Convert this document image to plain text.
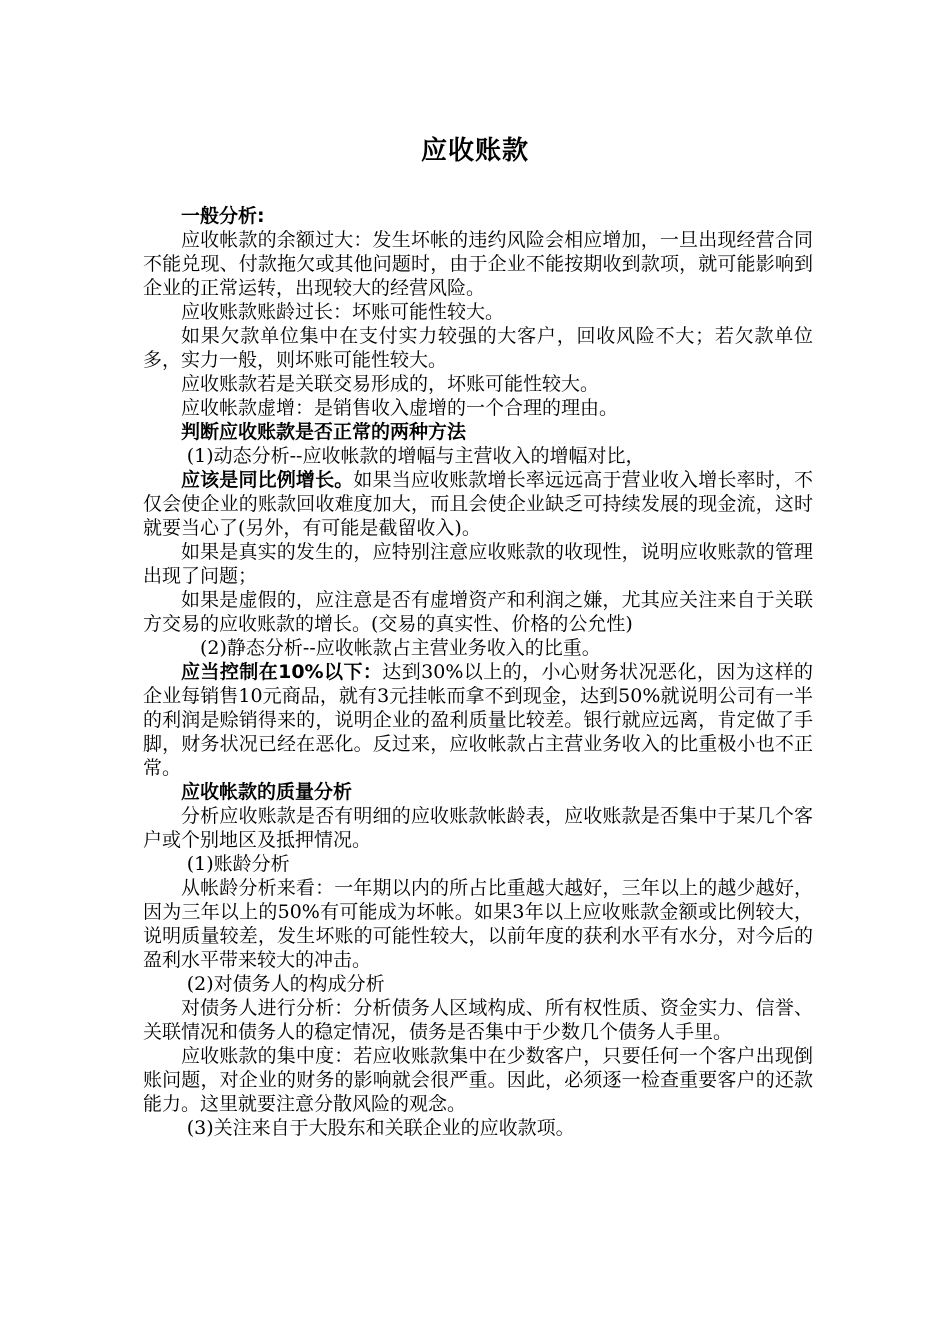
应收账款

一般分析:

应收帐款的余额过大：发生坏帐的违约风险会相应增加，一旦出现经营合同不能兑现、付款拖欠或其他问题时，由于企业不能按期收到款项，就可能影响到企业的正常运转，出现较大的经营风险。

应收账款账龄过长：坏账可能性较大。

如果欠款单位集中在支付实力较强的大客户，回收风险不大；若欠款单位多，实力一般，则坏账可能性较大。

应收账款若是关联交易形成的，坏账可能性较大。

应收帐款虚增：是销售收入虚增的一个合理的理由。

判断应收账款是否正常的两种方法

(1)动态分析--应收帐款的增幅与主营收入的增幅对比，

应该是同比例增长。如果当应收账款增长率远远高于营业收入增长率时，不仅会使企业的账款回收难度加大，而且会使企业缺乏可持续发展的现金流，这时就要当心了(另外，有可能是截留收入)。

如果是真实的发生的，应特别注意应收账款的收现性，说明应收账款的管理出现了问题；

如果是虚假的，应注意是否有虚增资产和利润之嫌，尤其应关注来自于关联方交易的应收账款的增长。(交易的真实性、价格的公允性)

(2)静态分析--应收帐款占主营业务收入的比重。

应当控制在10%以下：达到30%以上的，小心财务状况恶化，因为这样的企业每销售10元商品，就有3元挂帐而拿不到现金，达到50%就说明公司有一半的利润是赊销得来的，说明企业的盈利质量比较差。银行就应远离，肯定做了手脚，财务状况已经在恶化。反过来，应收帐款占主营业务收入的比重极小也不正常。

应收帐款的质量分析

分析应收账款是否有明细的应收账款帐龄表，应收账款是否集中于某几个客户或个别地区及抵押情况。

(1)账龄分析

从帐龄分析来看：一年期以内的所占比重越大越好，三年以上的越少越好，因为三年以上的50%有可能成为坏帐。如果3年以上应收账款金额或比例较大，说明质量较差，发生坏账的可能性较大，以前年度的获利水平有水分，对今后的盈利水平带来较大的冲击。

(2)对债务人的构成分析

对债务人进行分析：分析债务人区域构成、所有权性质、资金实力、信誉、关联情况和债务人的稳定情况，债务是否集中于少数几个债务人手里。

应收账款的集中度：若应收账款集中在少数客户，只要任何一个客户出现倒账问题，对企业的财务的影响就会很严重。因此，必须逐一检查重要客户的还款能力。这里就要注意分散风险的观念。

(3)关注来自于大股东和关联企业的应收款项。
